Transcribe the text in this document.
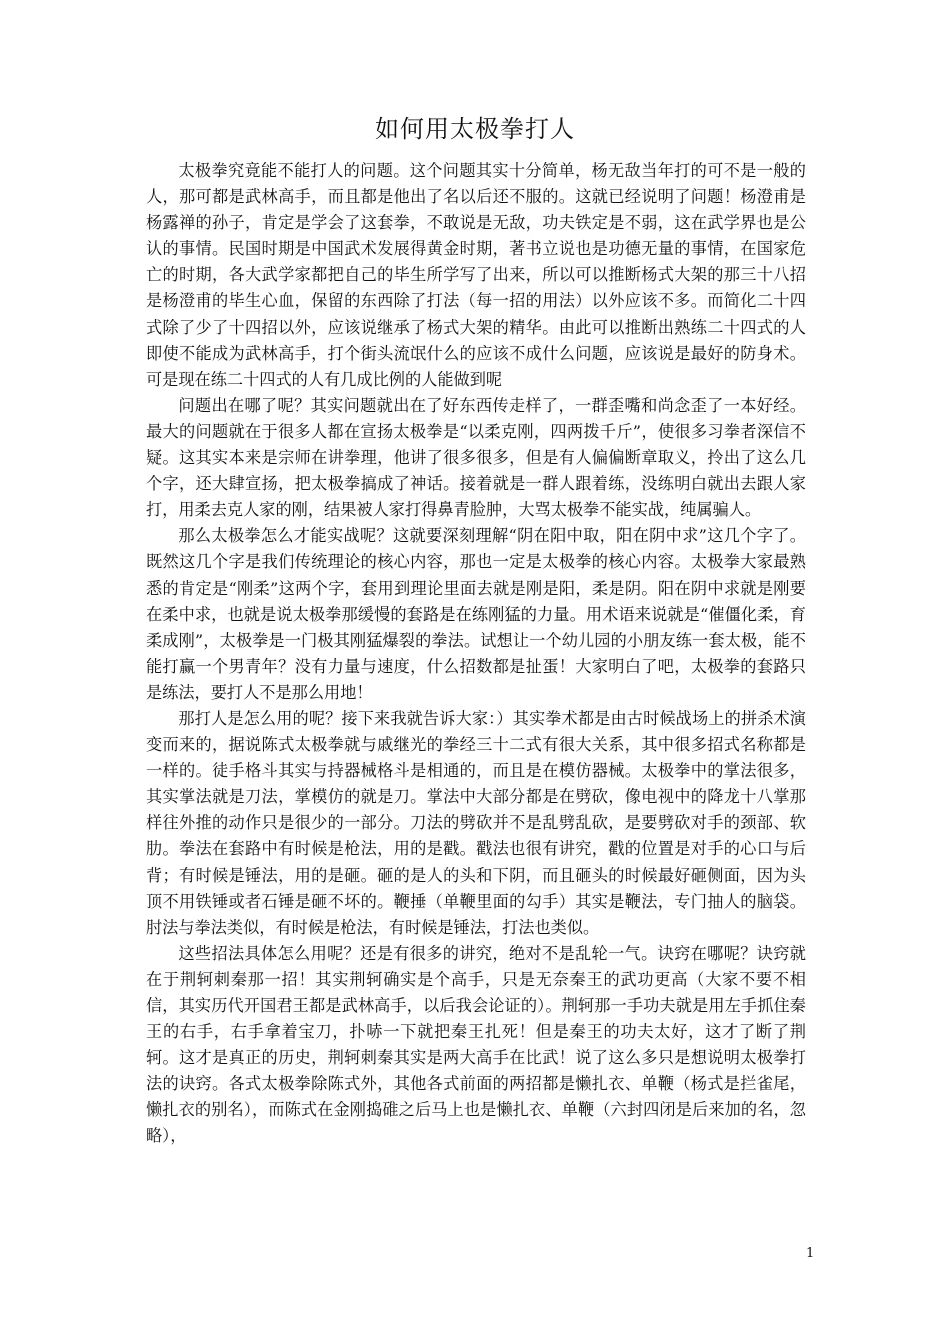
如何用太极拳打人

太极拳究竟能不能打人的问题。这个问题其实十分简单，杨无敌当年打的可不是一般的人，那可都是武林高手，而且都是他出了名以后还不服的。这就已经说明了问题！杨澄甫是杨露禅的孙子，肯定是学会了这套拳，不敢说是无敌，功夫铁定是不弱，这在武学界也是公认的事情。民国时期是中国武术发展得黄金时期，著书立说也是功德无量的事情，在国家危亡的时期，各大武学家都把自己的毕生所学写了出来，所以可以推断杨式大架的那三十八招是杨澄甫的毕生心血，保留的东西除了打法（每一招的用法）以外应该不多。而简化二十四式除了少了十四招以外，应该说继承了杨式大架的精华。由此可以推断出熟练二十四式的人即使不能成为武林高手，打个街头流氓什么的应该不成什么问题，应该说是最好的防身术。可是现在练二十四式的人有几成比例的人能做到呢

问题出在哪了呢？其实问题就出在了好东西传走样了，一群歪嘴和尚念歪了一本好经。最大的问题就在于很多人都在宣扬太极拳是“以柔克刚，四两拨千斤”，使很多习拳者深信不疑。这其实本来是宗师在讲拳理，他讲了很多很多，但是有人偏偏断章取义，拎出了这么几个字，还大肆宣扬，把太极拳搞成了神话。接着就是一群人跟着练，没练明白就出去跟人家打，用柔去克人家的刚，结果被人家打得鼻青脸肿，大骂太极拳不能实战，纯属骗人。

那么太极拳怎么才能实战呢？这就要深刻理解“阴在阳中取，阳在阴中求”这几个字了。既然这几个字是我们传统理论的核心内容，那也一定是太极拳的核心内容。太极拳大家最熟悉的肯定是“刚柔”这两个字，套用到理论里面去就是刚是阳，柔是阴。阳在阴中求就是刚要在柔中求，也就是说太极拳那缓慢的套路是在练刚猛的力量。用术语来说就是“催僵化柔，育柔成刚”，太极拳是一门极其刚猛爆裂的拳法。试想让一个幼儿园的小朋友练一套太极，能不能打赢一个男青年？没有力量与速度，什么招数都是扯蛋！大家明白了吧，太极拳的套路只是练法，要打人不是那么用地！

那打人是怎么用的呢？接下来我就告诉大家：）其实拳术都是由古时候战场上的拼杀术演变而来的，据说陈式太极拳就与戚继光的拳经三十二式有很大关系，其中很多招式名称都是一样的。徒手格斗其实与持器械格斗是相通的，而且是在模仿器械。太极拳中的掌法很多，其实掌法就是刀法，掌模仿的就是刀。掌法中大部分都是在劈砍，像电视中的降龙十八掌那样往外推的动作只是很少的一部分。刀法的劈砍并不是乱劈乱砍，是要劈砍对手的颈部、软肋。拳法在套路中有时候是枪法，用的是戳。戳法也很有讲究，戳的位置是对手的心口与后背；有时候是锤法，用的是砸。砸的是人的头和下阴，而且砸头的时候最好砸侧面，因为头顶不用铁锤或者石锤是砸不坏的。鞭捶（单鞭里面的勾手）其实是鞭法，专门抽人的脑袋。肘法与拳法类似，有时候是枪法，有时候是锤法，打法也类似。

这些招法具体怎么用呢？还是有很多的讲究，绝对不是乱轮一气。诀窍在哪呢？诀窍就在于荆轲刺秦那一招！其实荆轲确实是个高手，只是无奈秦王的武功更高（大家不要不相信，其实历代开国君王都是武林高手，以后我会论证的）。荆轲那一手功夫就是用左手抓住秦王的右手，右手拿着宝刀，扑哧一下就把秦王扎死！但是秦王的功夫太好，这才了断了荆轲。这才是真正的历史，荆轲刺秦其实是两大高手在比武！说了这么多只是想说明太极拳打法的诀窍。各式太极拳除陈式外，其他各式前面的两招都是懒扎衣、单鞭（杨式是拦雀尾，懒扎衣的别名），而陈式在金刚捣碓之后马上也是懒扎衣、单鞭（六封四闭是后来加的名，忽略），

1
